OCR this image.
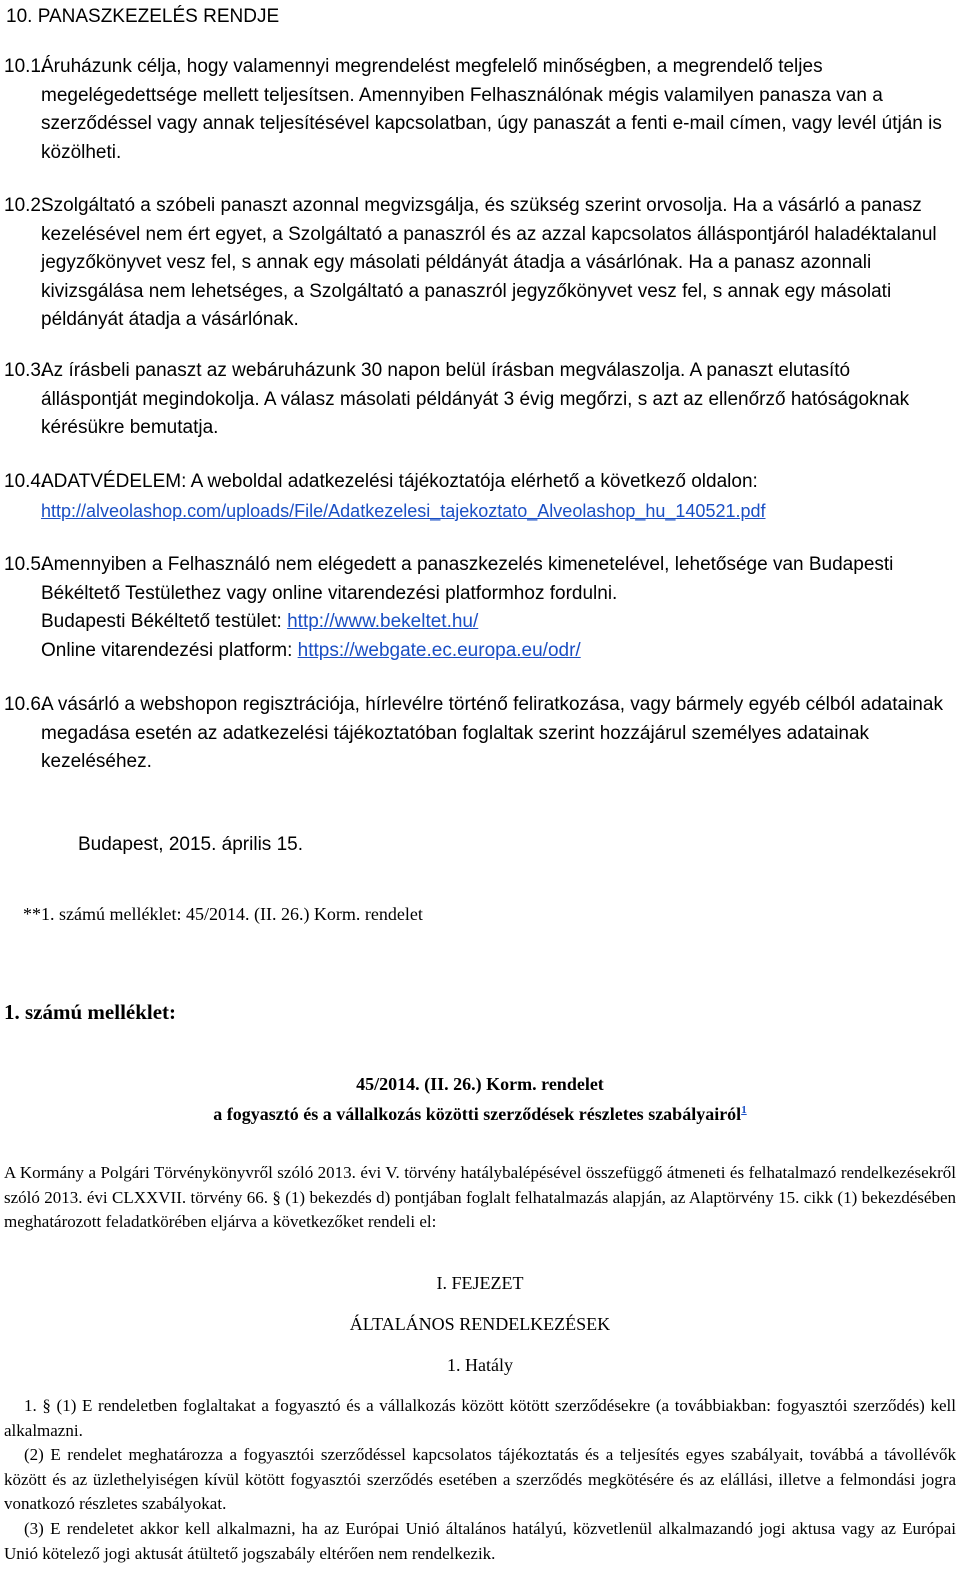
10. PANASZKEZELÉS RENDJE

10.1.Áruházunk célja, hogy valamennyi megrendelést megfelelő minőségben, a megrendelő teljes megelégedettsége mellett teljesítsen. Amennyiben Felhasználónak mégis valamilyen panasza van a szerződéssel vagy annak teljesítésével kapcsolatban, úgy panaszát a fenti e-mail címen, vagy levél útján is közölheti.

10.2.Szolgáltató a szóbeli panaszt azonnal megvizsgálja, és szükség szerint orvosolja. Ha a vásárló a panasz kezelésével nem ért egyet, a Szolgáltató a panaszról és az azzal kapcsolatos álláspontjáról haladéktalanul jegyzőkönyvet vesz fel, s annak egy másolati példányát átadja a vásárlónak. Ha a panasz azonnali kivizsgálása nem lehetséges, a Szolgáltató a panaszról jegyzőkönyvet vesz fel, s annak egy másolati példányát átadja a vásárlónak.

10.3.Az írásbeli panaszt az webáruházunk 30 napon belül írásban megválaszolja. A panaszt elutasító álláspontját megindokolja. A válasz másolati példányát 3 évig megőrzi, s azt az ellenőrző hatóságoknak kérésükre bemutatja.

10.4.ADATVÉDELEM: A weboldal adatkezelési tájékoztatója elérhető a következő oldalon:
http://alveolashop.com/uploads/File/Adatkezelesi_tajekoztato_Alveolashop_hu_140521.pdf

10.5.Amennyiben a Felhasználó nem elégedett a panaszkezelés kimenetelével, lehetősége van Budapesti Békéltető Testülethez vagy online vitarendezési platformhoz fordulni.
Budapesti Békéltető testület: http://www.bekeltet.hu/
Online vitarendezési platform: https://webgate.ec.europa.eu/odr/

10.6.A vásárló a webshopon regisztrációja, hírlevélre történő feliratkozása, vagy bármely egyéb célból adatainak megadása esetén az adatkezelési tájékoztatóban foglaltak szerint hozzájárul személyes adatainak kezeléséhez.

Budapest, 2015. április 15.
**1. számú melléklet: 45/2014. (II. 26.) Korm. rendelet
1. számú melléklet:
45/2014. (II. 26.) Korm. rendelet
a fogyasztó és a vállalkozás közötti szerződések részletes szabályairól$^1$

A Kormány a Polgári Törvénykönyvről szóló 2013. évi V. törvény hatálybalépésével összefüggő átmeneti és felhatalmazó rendelkezésekről szóló 2013. évi CLXXVII. törvény 66. § (1) bekezdés d) pontjában foglalt felhatalmazás alapján, az Alaptörvény 15. cikk (1) bekezdésében meghatározott feladatkörében eljárva a következőket rendeli el:

I. FEJEZET
ÁLTALÁNOS RENDELKEZÉSEK
1. Hatály

1. § (1) E rendeletben foglaltakat a fogyasztó és a vállalkozás között kötött szerződésekre (a továbbiakban: fogyasztói szerződés) kell alkalmazni.

(2) E rendelet meghatározza a fogyasztói szerződéssel kapcsolatos tájékoztatás és a teljesítés egyes szabályait, továbbá a távollévők között és az üzlethelyiségen kívül kötött fogyasztói szerződés esetében a szerződés megkötésére és az elállási, illetve a felmondási jogra vonatkozó részletes szabályokat.

(3) E rendeletet akkor kell alkalmazni, ha az Európai Unió általános hatályú, közvetlenül alkalmazandó jogi aktusa vagy az Európai Unió kötelező jogi aktusát átültető jogszabály eltérően nem rendelkezik.
